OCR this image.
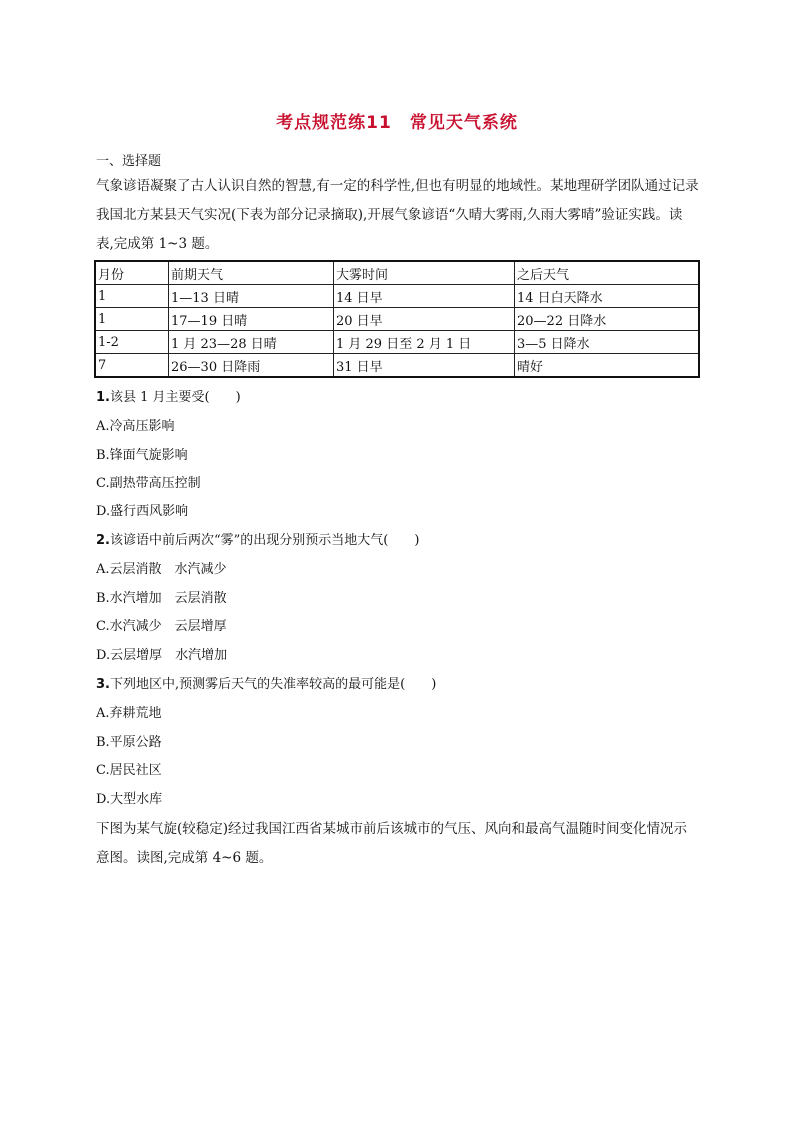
考点规范练11　常见天气系统
一、选择题
气象谚语凝聚了古人认识自然的智慧,有一定的科学性,但也有明显的地域性。某地理研学团队通过记录我国北方某县天气实况(下表为部分记录摘取),开展气象谚语“久晴大雾雨,久雨大雾晴”验证实践。读表,完成第 1~3 题。
月份	前期天气	大雾时间	之后天气
1	1—13 日晴	14 日早	14 日白天降水
1	17—19 日晴	20 日早	20—22 日降水
1-2	1 月 23—28 日晴	1 月 29 日至 2 月 1 日	3—5 日降水
7	26—30 日降雨	31 日早	晴好
1.该县 1 月主要受(　　)
A.冷高压影响
B.锋面气旋影响
C.副热带高压控制
D.盛行西风影响
2.该谚语中前后两次“雾”的出现分别预示当地大气(　　)
A.云层消散　水汽减少
B.水汽增加　云层消散
C.水汽减少　云层增厚
D.云层增厚　水汽增加
3.下列地区中,预测雾后天气的失准率较高的最可能是(　　)
A.弃耕荒地
B.平原公路
C.居民社区
D.大型水库
下图为某气旋(较稳定)经过我国江西省某城市前后该城市的气压、风向和最高气温随时间变化情况示意图。读图,完成第 4~6 题。
